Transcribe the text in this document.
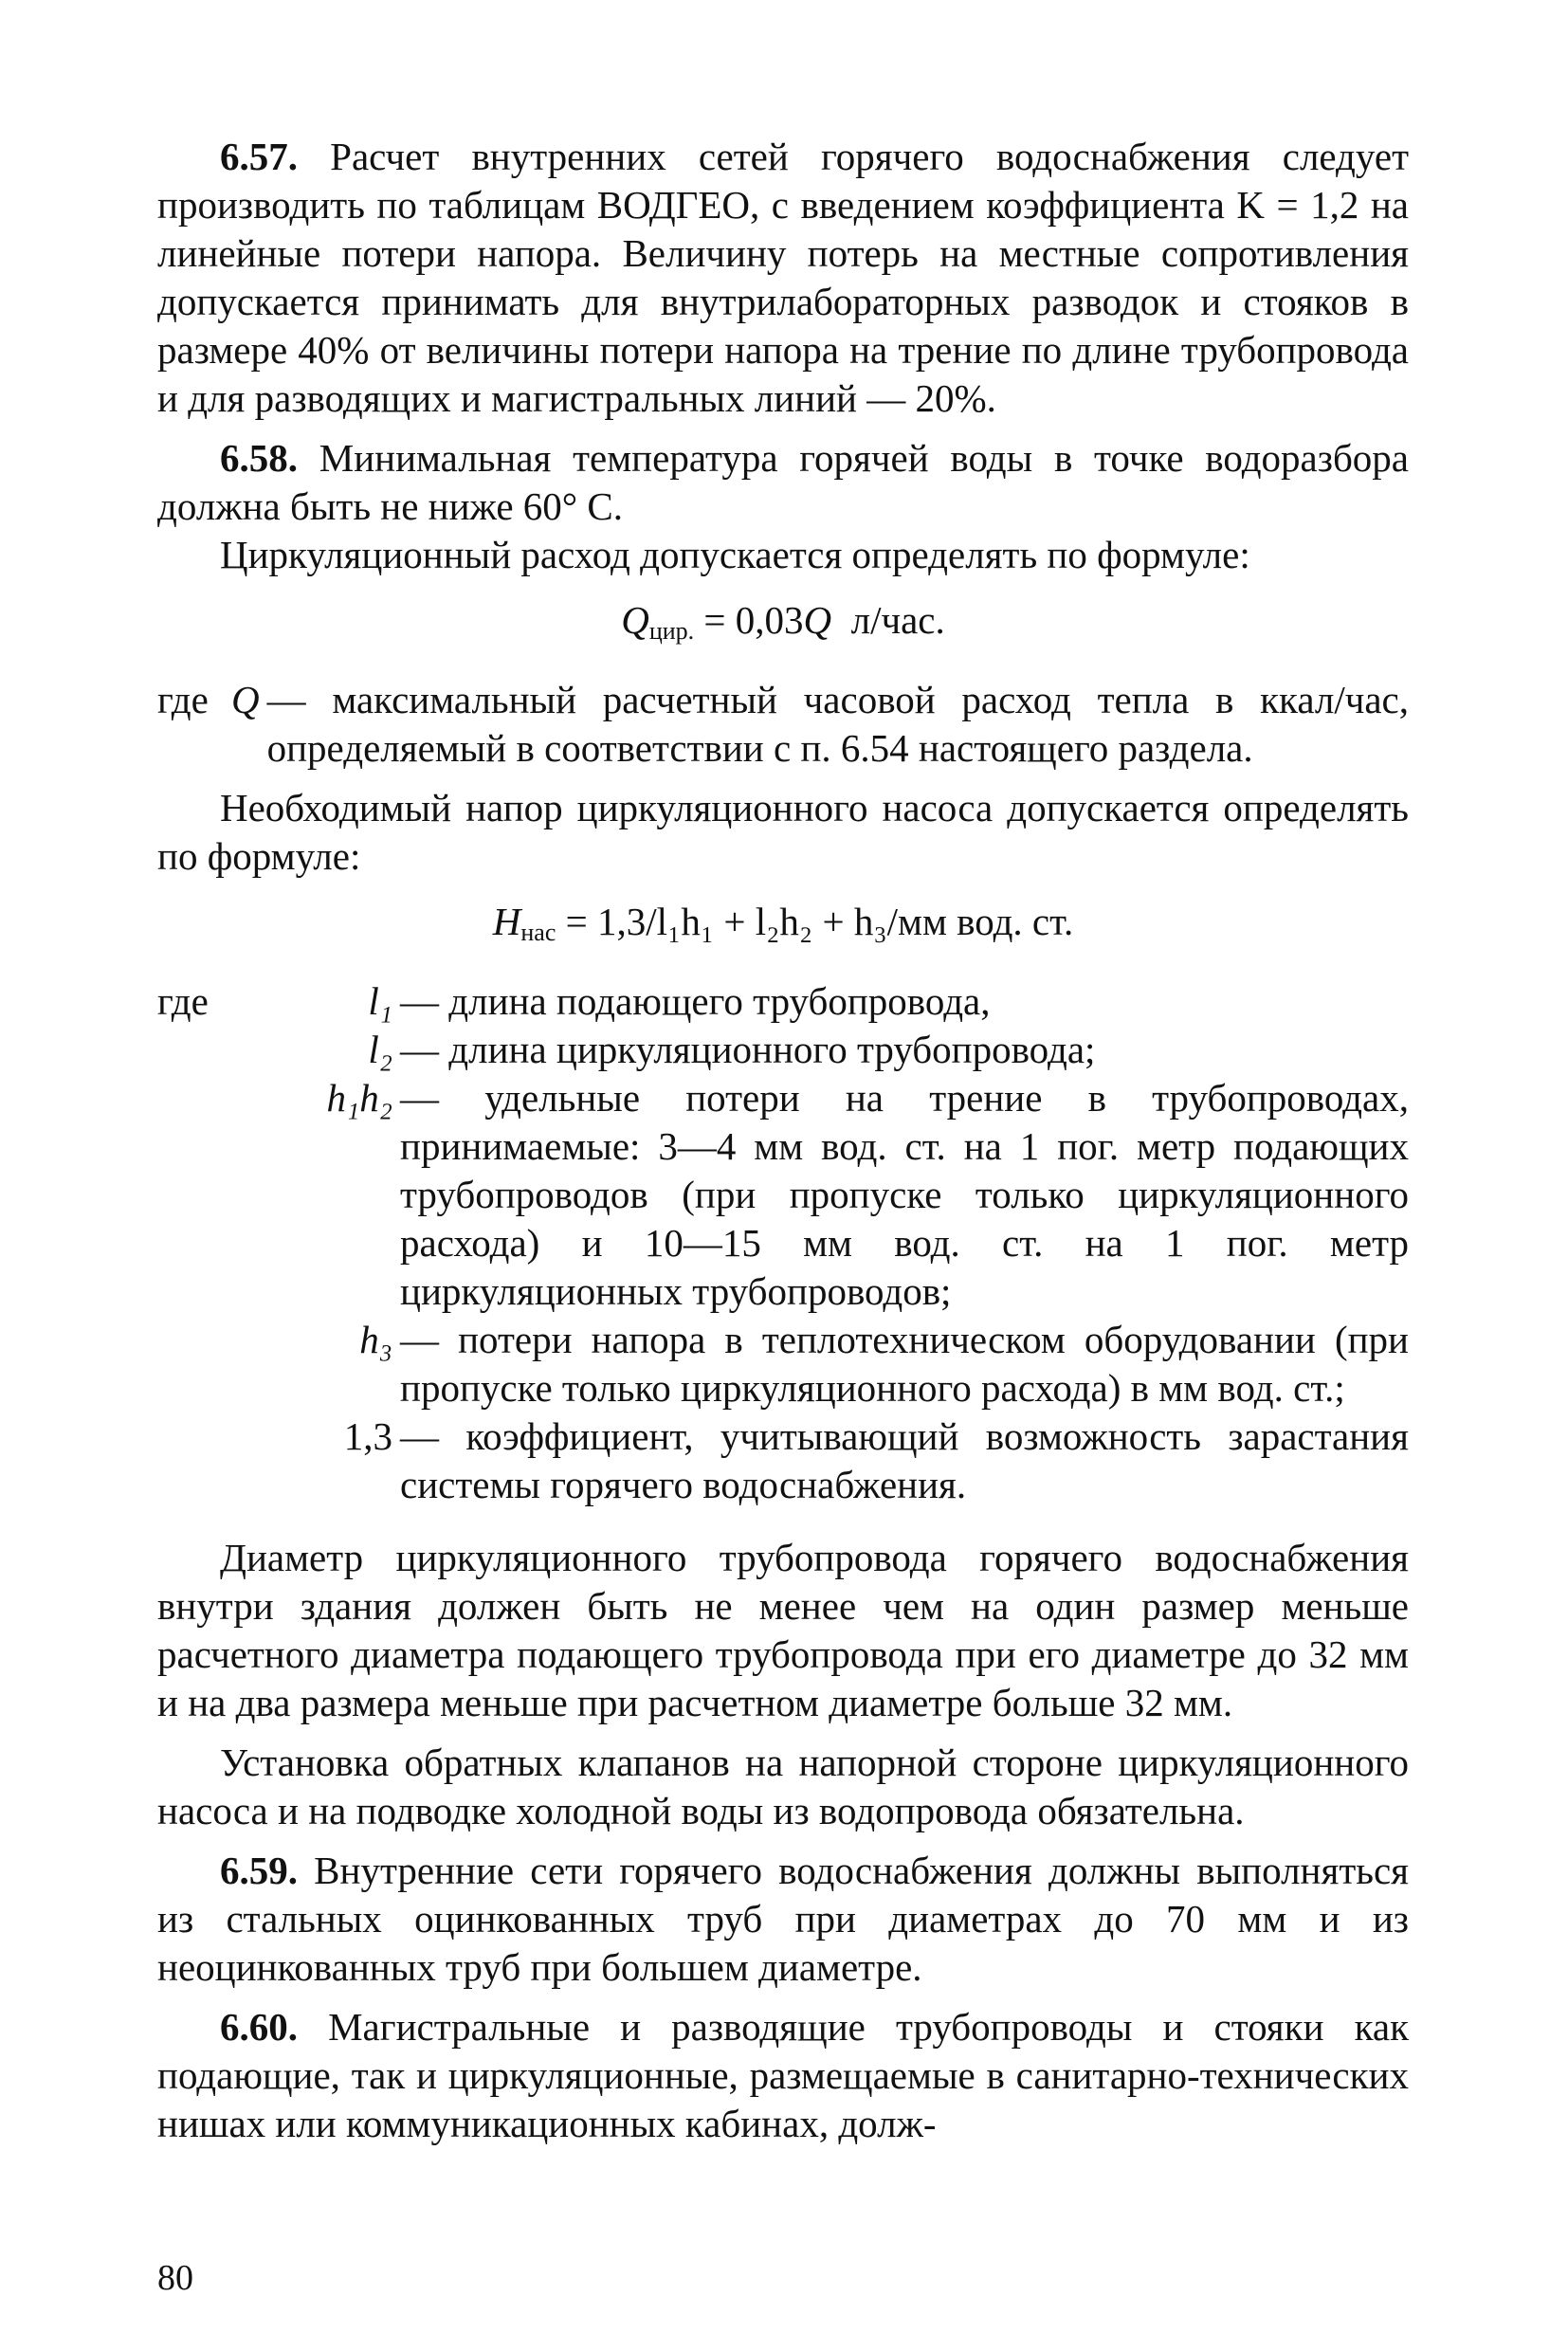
6.57. Расчет внутренних сетей горячего водоснабжения следует производить по таблицам ВОДГЕО, с введением коэффициента K = 1,2 на линейные потери напора. Величину потерь на местные сопротивления допускается принимать для внутрилабораторных разводок и стояков в размере 40% от величины потери напора на трение по длине трубопровода и для разводящих и магистральных линий — 20%.

6.58. Минимальная температура горячей воды в точке водоразбора должна быть не ниже 60° С.

Циркуляционный расход допускается определять по формуле:

$Q_{цир.} = 0,03Q$ л/час.
где Q — максимальный расчетный часовой расход тепла в ккал/час, определяемый в соответствии с п. 6.54 настоящего раздела.

Необходимый напор циркуляционного насоса допускается определять по формуле:

$H_{нас} = 1,3/l_1h_1 + l_2h_2 + h_3/мм$ вод. ст.
где	l₁ — длина подающего трубопровода,
l₂ — длина циркуляционного трубопровода;
h₁h₂ — удельные потери на трение в трубопроводах, принимаемые: 3—4 мм вод. ст. на 1 пог. метр подающих трубопроводов (при пропуске только циркуляционного расхода) и 10—15 мм вод. ст. на 1 пог. метр циркуляционных трубопроводов;
h₃ — потери напора в теплотехническом оборудовании (при пропуске только циркуляционного расхода) в мм вод. ст.;
1,3 — коэффициент, учитывающий возможность зарастания системы горячего водоснабжения.

Диаметр циркуляционного трубопровода горячего водоснабжения внутри здания должен быть не менее чем на один размер меньше расчетного диаметра подающего трубопровода при его диаметре до 32 мм и на два размера меньше при расчетном диаметре больше 32 мм.

Установка обратных клапанов на напорной стороне циркуляционного насоса и на подводке холодной воды из водопровода обязательна.

6.59. Внутренние сети горячего водоснабжения должны выполняться из стальных оцинкованных труб при диаметрах до 70 мм и из неоцинкованных труб при большем диаметре.

6.60. Магистральные и разводящие трубопроводы и стояки как подающие, так и циркуляционные, размещаемые в санитарно-технических нишах или коммуникационных кабинах, долж-

80
